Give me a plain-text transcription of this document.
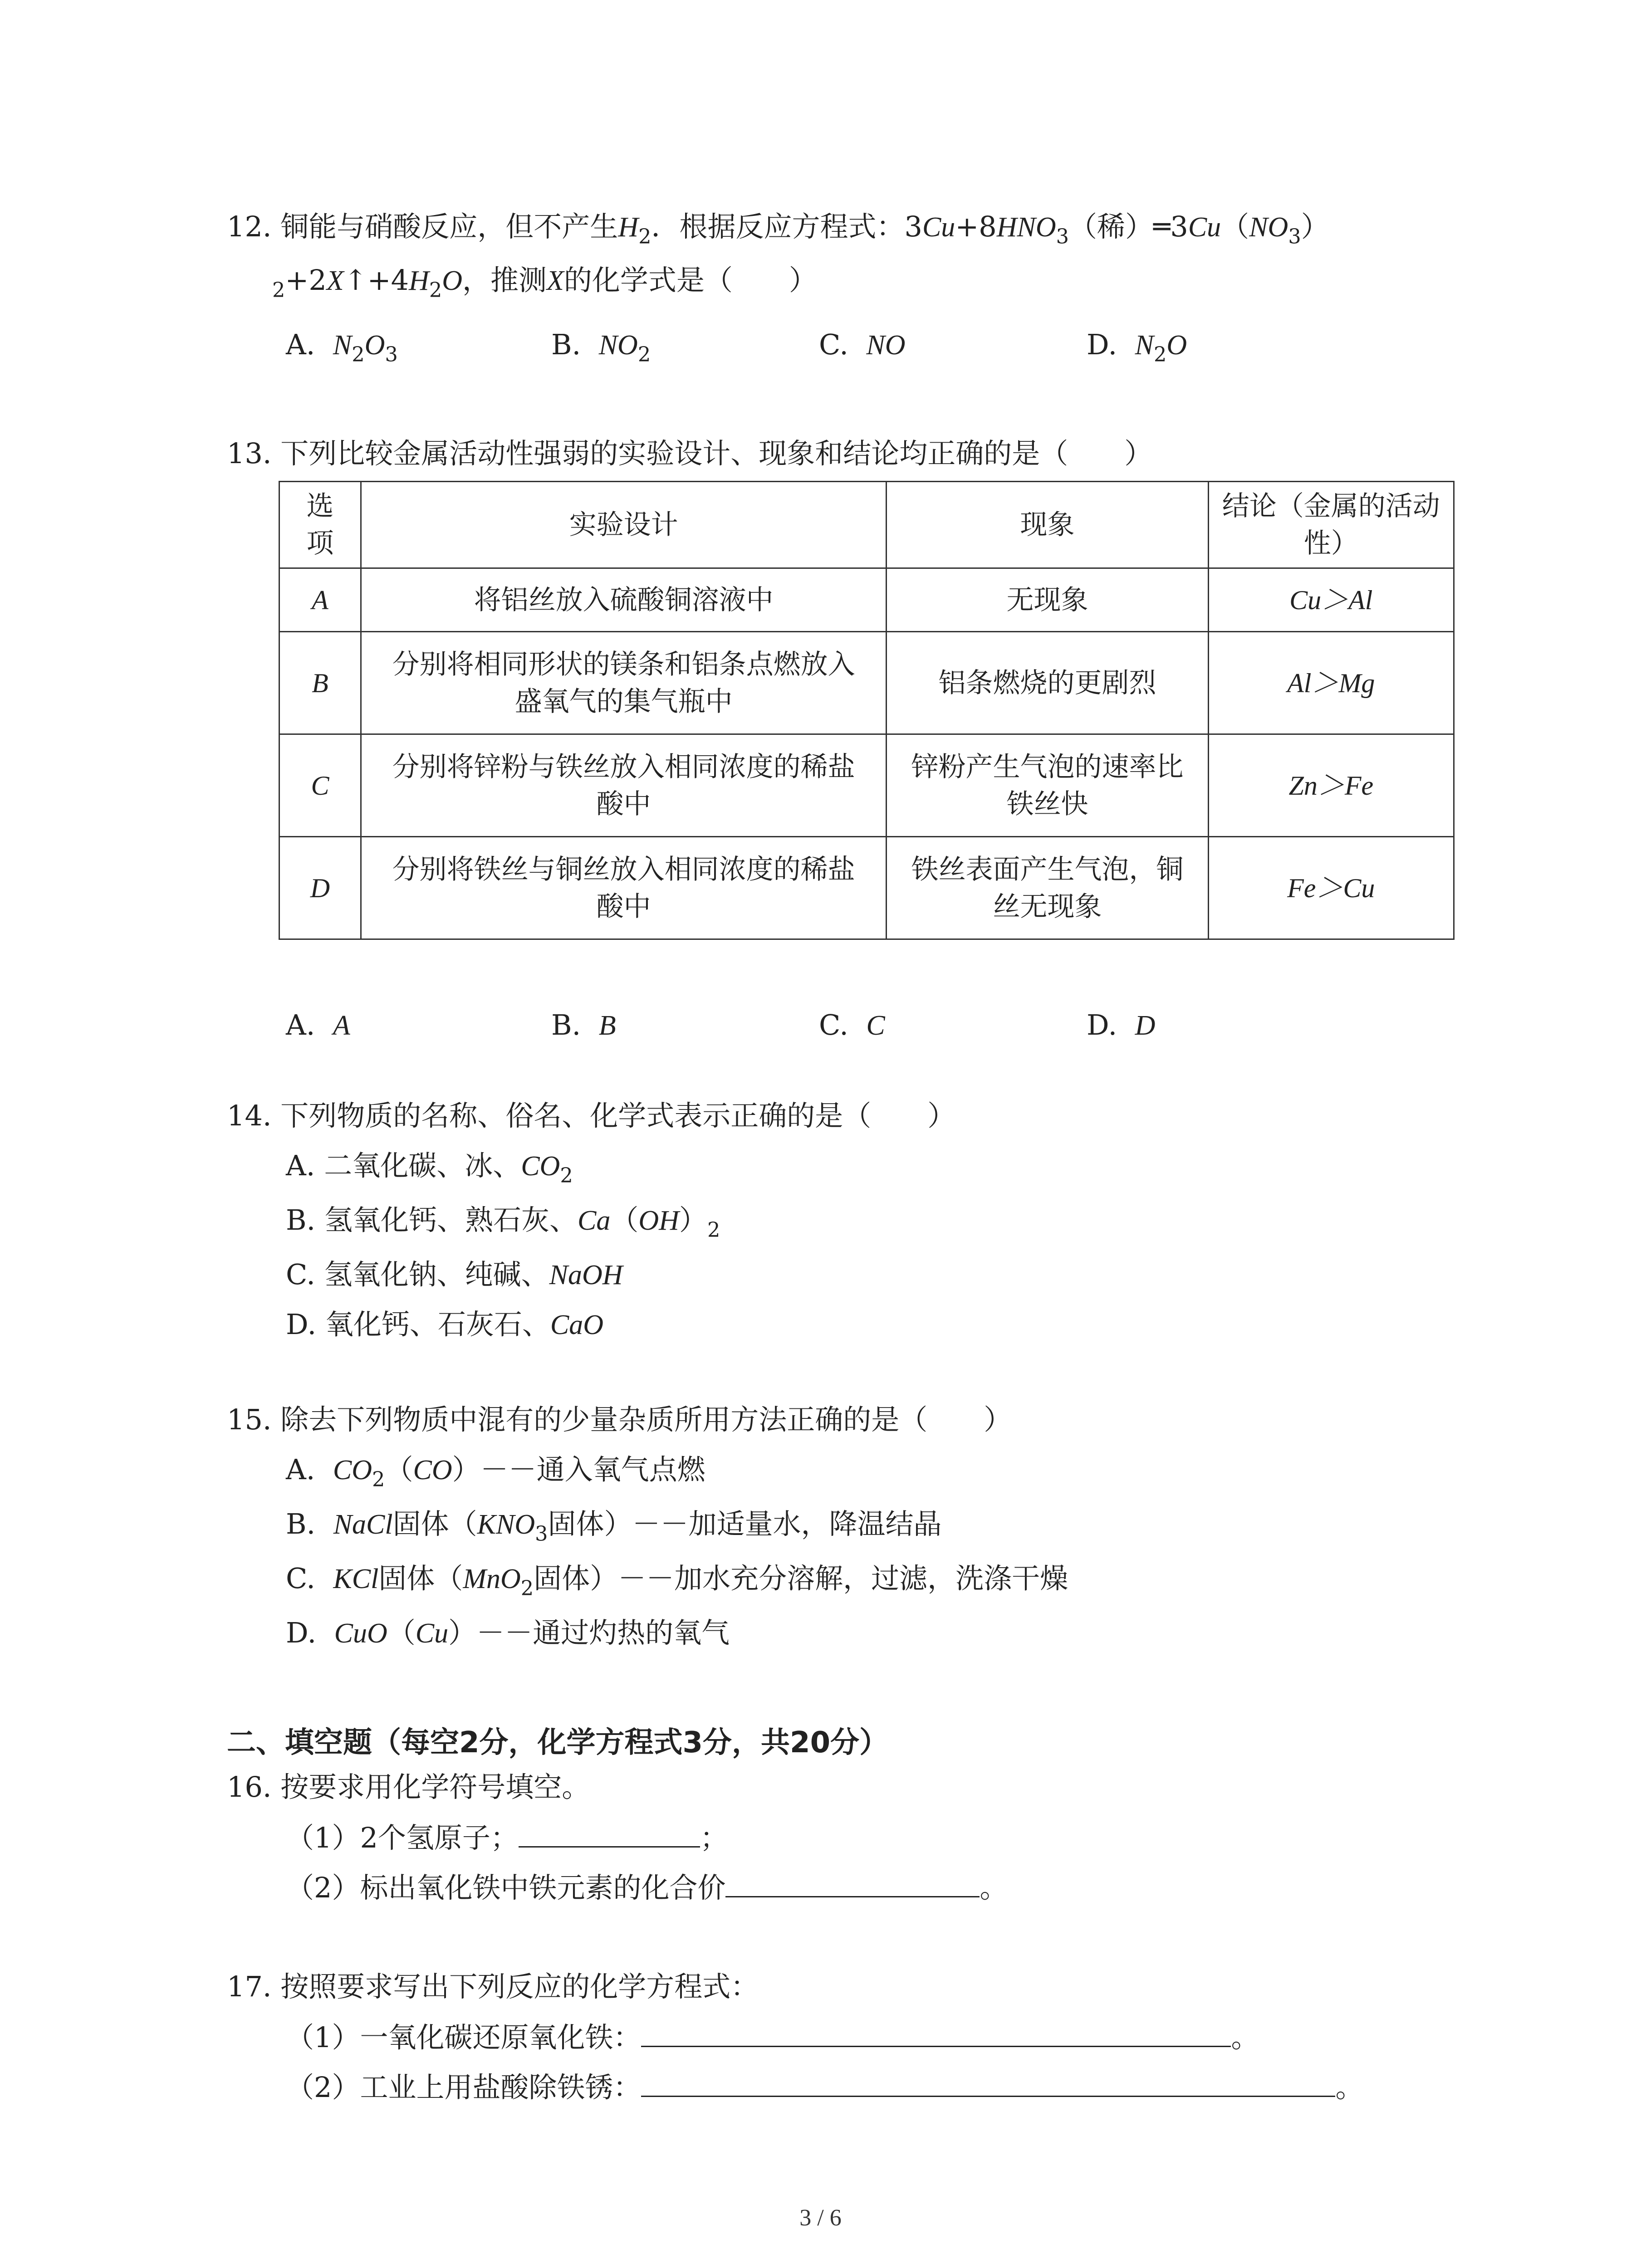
12. 铜能与硝酸反应，但不产生$H_2$．根据反应方程式：$3Cu+8HNO_3$（稀）$═3Cu(NO_3)$
$_2+2X↑+4H_2O$，推测X的化学式是（　　）
A. $N_2O_3$	B. $NO_2$	C. NO	D. $N_2O$
13. 下列比较金属活动性强弱的实验设计、现象和结论均正确的是（　　）
选项	实验设计	现象	结论（金属的活动性）
A	将铝丝放入硫酸铜溶液中	无现象	Cu＞Al
B	分别将相同形状的镁条和铝条点燃放入盛氧气的集气瓶中	铝条燃烧的更剧烈	Al＞Mg
C	分别将锌粉与铁丝放入相同浓度的稀盐酸中	锌粉产生气泡的速率比铁丝快	Zn＞Fe
D	分别将铁丝与铜丝放入相同浓度的稀盐酸中	铁丝表面产生气泡，铜丝无现象	Fe＞Cu
A. A	B. B	C. C	D. D
14. 下列物质的名称、俗名、化学式表示正确的是（　　）
A. 二氧化碳、冰、$CO_2$
B. 氢氧化钙、熟石灰、$Ca(OH)_2$
C. 氢氧化钠、纯碱、NaOH
D. 氧化钙、石灰石、CaO
15. 除去下列物质中混有的少量杂质所用方法正确的是（　　）
A. $CO_2(CO)--$通入氧气点燃
B. NaCl固体（$KNO_3$固体）－－加适量水，降温结晶
C. KCl固体（MnO$_2$固体）－－加水充分溶解，过滤，洗涤干燥
D. CuO（Cu）－－通过灼热的氧气
二、填空题（每空2分，化学方程式3分，共20分）
16. 按要求用化学符号填空。
（1）2个氢原子；	；
（2）标出氧化铁中铁元素的化合价	。
17. 按照要求写出下列反应的化学方程式：
（1）一氧化碳还原氧化铁：	。
（2）工业上用盐酸除铁锈：	。
3 / 6
